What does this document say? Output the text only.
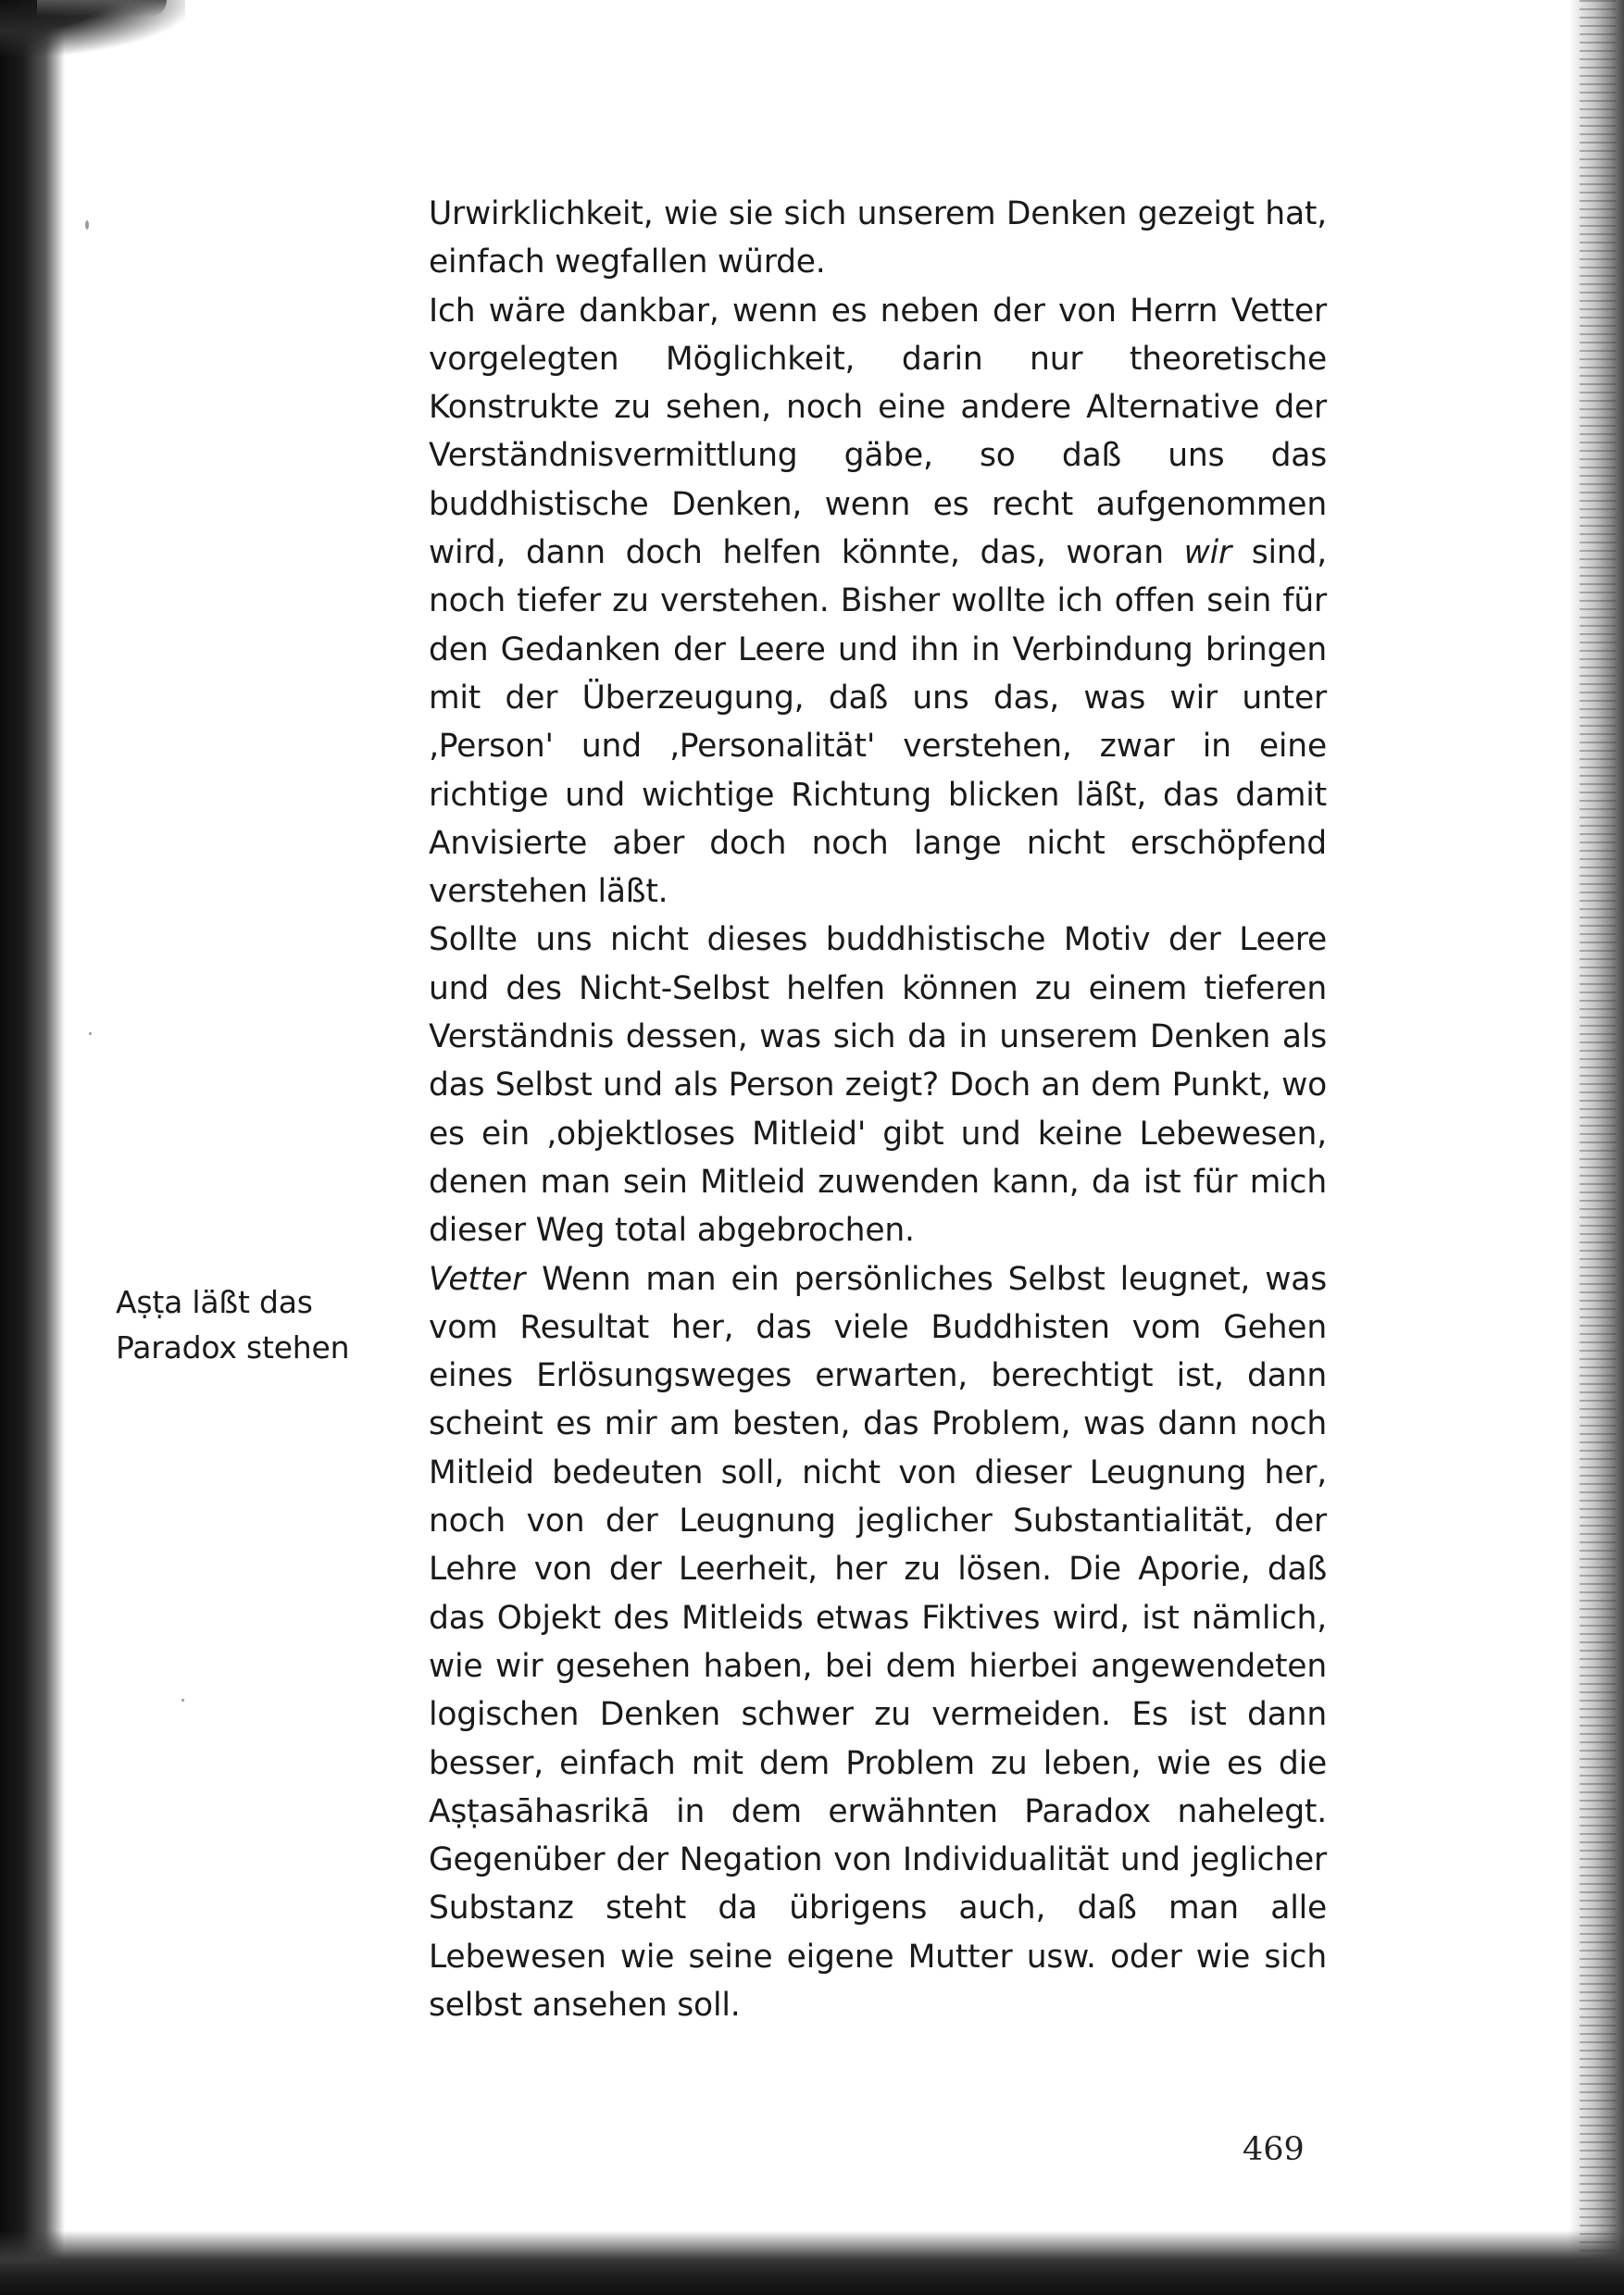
Aṣṭa läßt das
Paradox stehen

Urwirklichkeit, wie sie sich unserem Denken gezeigt hat, einfach wegfallen würde.

Ich wäre dankbar, wenn es neben der von Herrn Vetter vorgelegten Möglichkeit, darin nur theoretische Konstrukte zu sehen, noch eine andere Alternative der Verständnisvermittlung gäbe, so daß uns das buddhistische Denken, wenn es recht aufgenommen wird, dann doch helfen könnte, das, woran wir sind, noch tiefer zu verstehen. Bisher wollte ich offen sein für den Gedanken der Leere und ihn in Verbindung bringen mit der Überzeugung, daß uns das, was wir unter ‚Person' und ‚Personalität' verstehen, zwar in eine richtige und wichtige Richtung blicken läßt, das damit Anvisierte aber doch noch lange nicht erschöpfend verstehen läßt.

Sollte uns nicht dieses buddhistische Motiv der Leere und des Nicht-Selbst helfen können zu einem tieferen Verständnis dessen, was sich da in unserem Denken als das Selbst und als Person zeigt? Doch an dem Punkt, wo es ein ‚objektloses Mitleid' gibt und keine Lebewesen, denen man sein Mitleid zuwenden kann, da ist für mich dieser Weg total abgebrochen.

Vetter Wenn man ein persönliches Selbst leugnet, was vom Resultat her, das viele Buddhisten vom Gehen eines Erlösungsweges erwarten, berechtigt ist, dann scheint es mir am besten, das Problem, was dann noch Mitleid bedeuten soll, nicht von dieser Leugnung her, noch von der Leugnung jeglicher Substantialität, der Lehre von der Leerheit, her zu lösen. Die Aporie, daß das Objekt des Mitleids etwas Fiktives wird, ist nämlich, wie wir gesehen haben, bei dem hierbei angewendeten logischen Denken schwer zu vermeiden. Es ist dann besser, einfach mit dem Problem zu leben, wie es die Aṣṭasāhasrikā in dem erwähnten Paradox nahelegt. Gegenüber der Negation von Individualität und jeglicher Substanz steht da übrigens auch, daß man alle Lebewesen wie seine eigene Mutter usw. oder wie sich selbst ansehen soll.

469
